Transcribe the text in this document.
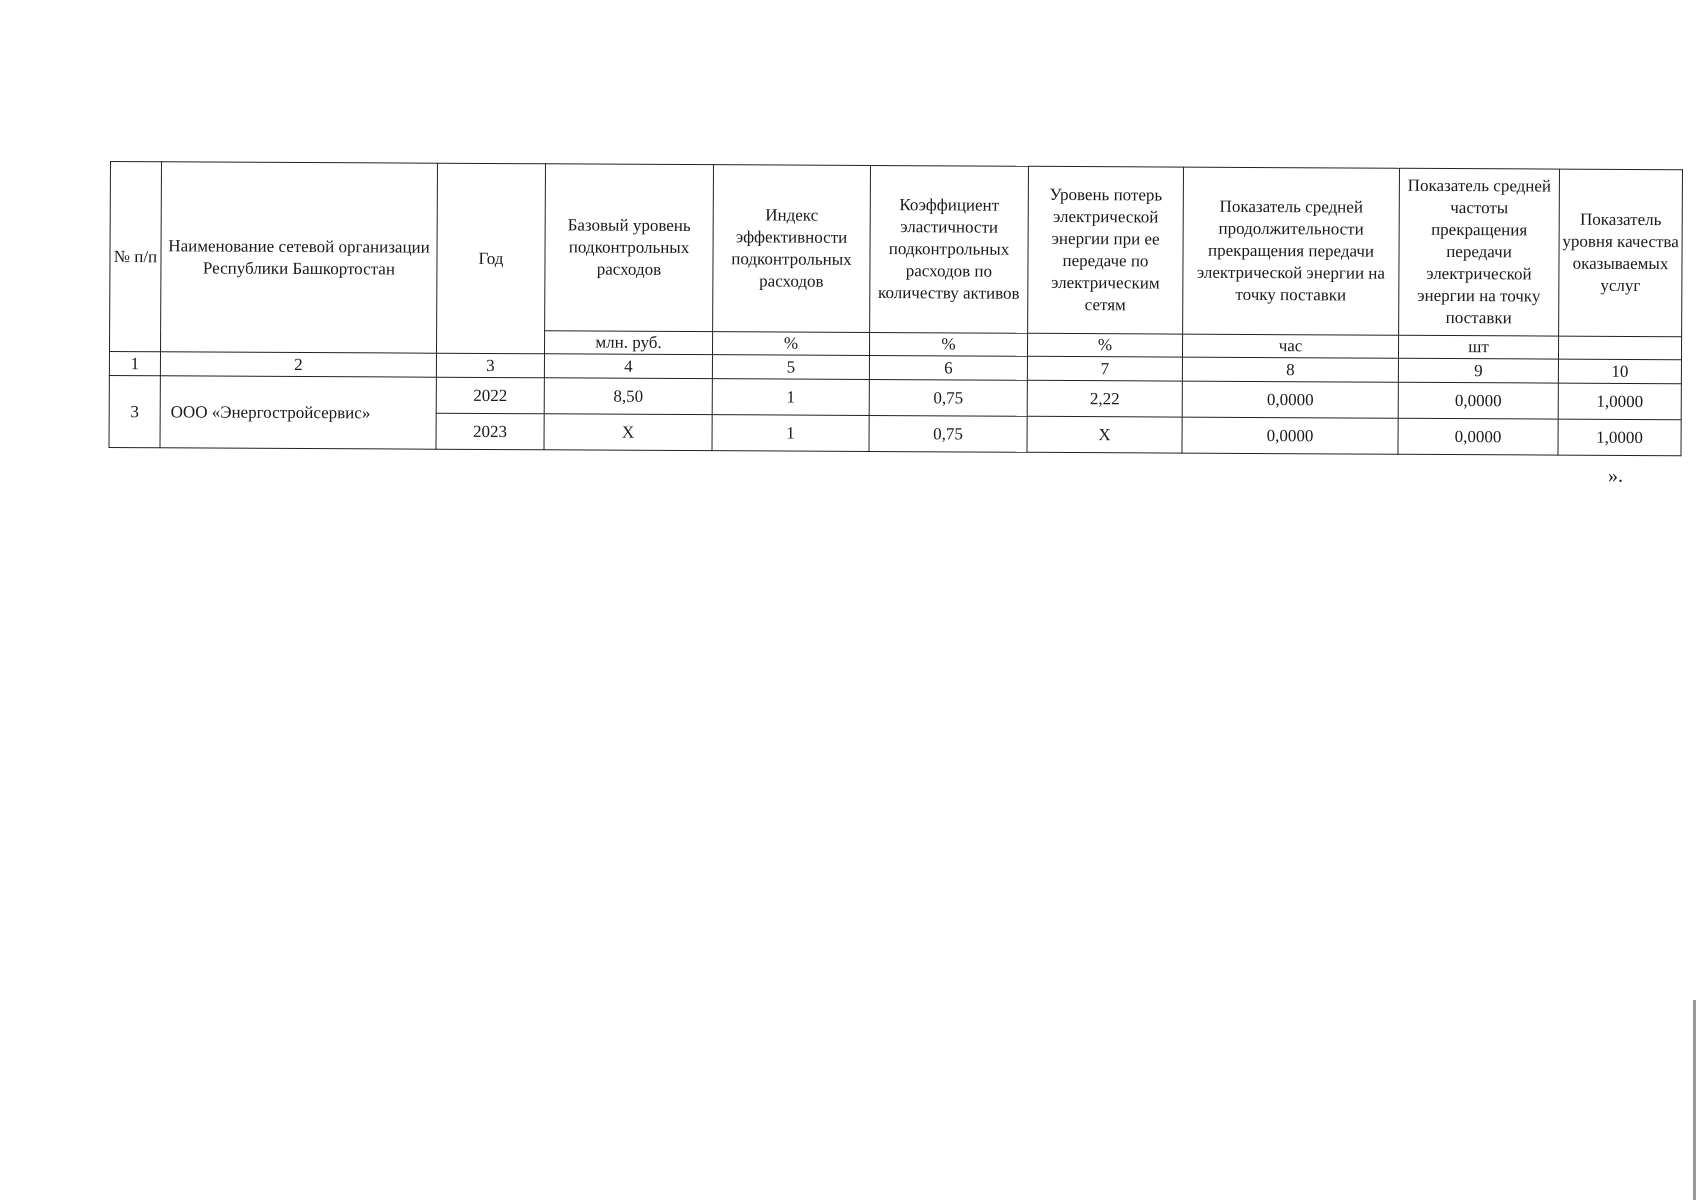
№ п/п	Наименование сетевой организации Республики Башкортостан	Год	Базовый уровень подконтрольных расходов	Индекс эффективности подконтрольных расходов	Коэффициент эластичности подконтрольных расходов по количеству активов	Уровень потерь электрической энергии при ее передаче по электрическим сетям	Показатель средней продолжительности прекращения передачи электрической энергии на точку поставки	Показатель средней частоты прекращения передачи электрической энергии на точку поставки	Показатель уровня качества оказываемых услуг
			млн. руб.	%	%	%	час	шт	
1	2	3	4	5	6	7	8	9	10
3	ООО «Энергостройсервис»	2022	8,50	1	0,75	2,22	0,0000	0,0000	1,0000
		2023	X	1	0,75	X	0,0000	0,0000	1,0000
».
